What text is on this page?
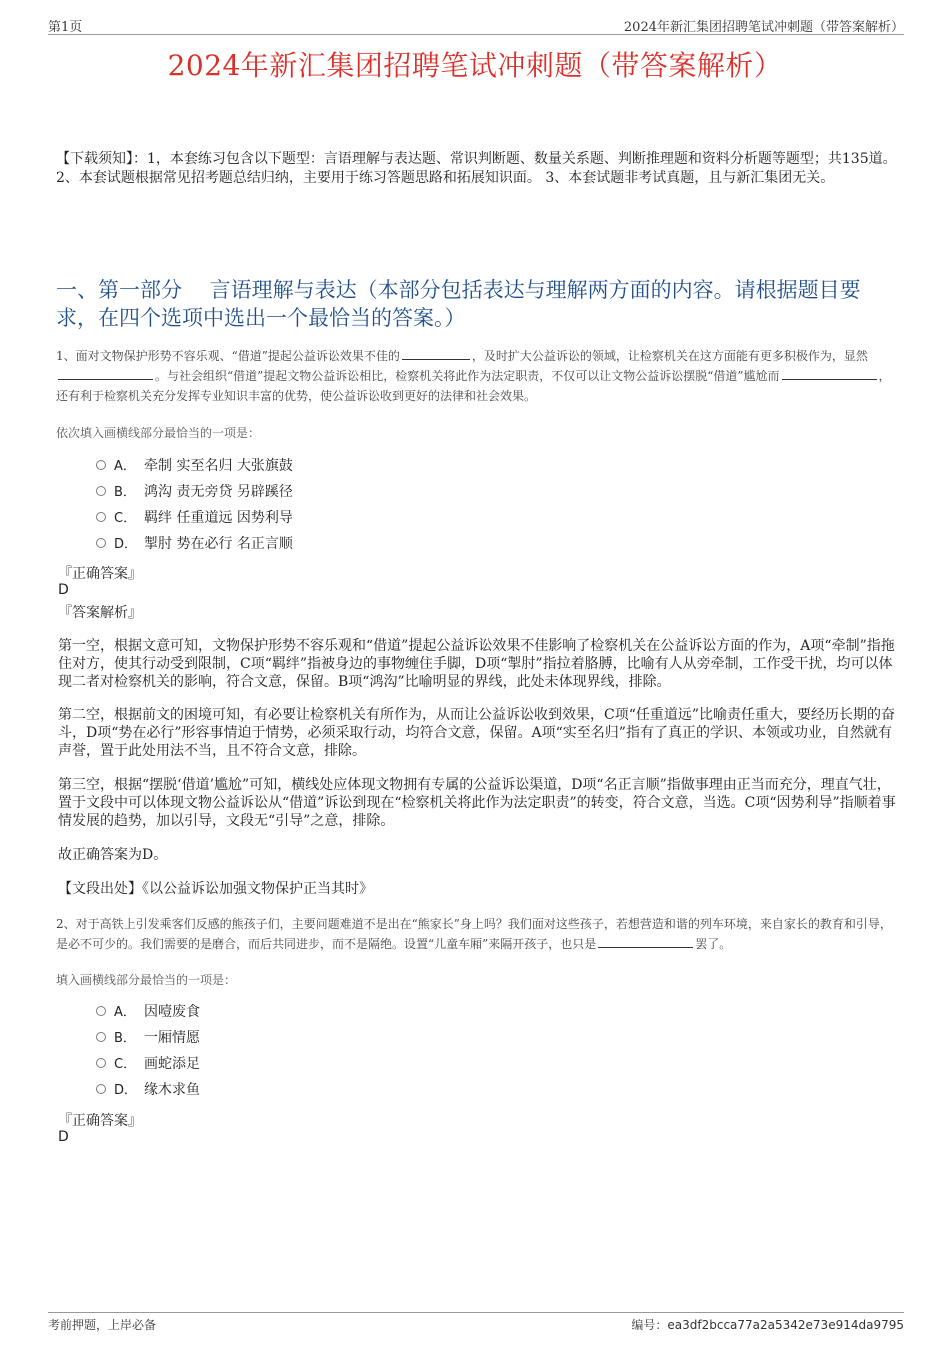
第1页	2024年新汇集团招聘笔试冲刺题（带答案解析）
2024年新汇集团招聘笔试冲刺题（带答案解析）
【下载须知】：1，本套练习包含以下题型：言语理解与表达题、常识判断题、数量关系题、判断推理题和资料分析题等题型；共135道。 2、本套试题根据常见招考题总结归纳，主要用于练习答题思路和拓展知识面。 3、本套试题非考试真题，且与新汇集团无关。
一、第一部分　 言语理解与表达（本部分包括表达与理解两方面的内容。请根据题目要求，在四个选项中选出一个最恰当的答案。）
1、面对文物保护形势不容乐观、“借道”提起公益诉讼效果不佳的	，及时扩大公益诉讼的领域，让检察机关在这方面能有更多积极作为，显然。与社会组织“借道”提起文物公益诉讼相比，检察机关将此作为法定职责，不仅可以让文物公益诉讼摆脱“借道”尴尬而	，还有利于检察机关充分发挥专业知识丰富的优势，使公益诉讼收到更好的法律和社会效果。
依次填入画横线部分最恰当的一项是：
A． 牵制 实至名归 大张旗鼓
B． 鸿沟 责无旁贷 另辟蹊径
C． 羁绊 任重道远 因势利导
D． 掣肘 势在必行 名正言顺
『正确答案』
D
『答案解析』
第一空，根据文意可知，文物保护形势不容乐观和“借道”提起公益诉讼效果不佳影响了检察机关在公益诉讼方面的作为，A项“牵制”指拖住对方，使其行动受到限制，C项“羁绊”指被身边的事物缠住手脚，D项“掣肘”指拉着胳膊，比喻有人从旁牵制，工作受干扰，均可以体现二者对检察机关的影响，符合文意，保留。B项“鸿沟”比喻明显的界线，此处未体现界线，排除。
第二空，根据前文的困境可知，有必要让检察机关有所作为，从而让公益诉讼收到效果，C项“任重道远”比喻责任重大，要经历长期的奋斗，D项“势在必行”形容事情迫于情势，必须采取行动，均符合文意，保留。A项“实至名归”指有了真正的学识、本领或功业，自然就有声誉，置于此处用法不当，且不符合文意，排除。
第三空，根据“摆脱‘借道’尴尬”可知，横线处应体现文物拥有专属的公益诉讼渠道，D项“名正言顺”指做事理由正当而充分，理直气壮，置于文段中可以体现文物公益诉讼从“借道”诉讼到现在“检察机关将此作为法定职责”的转变，符合文意，当选。C项“因势利导”指顺着事情发展的趋势，加以引导，文段无“引导”之意，排除。
故正确答案为D。
【文段出处】《以公益诉讼加强文物保护正当其时》
2、对于高铁上引发乘客们反感的熊孩子们，主要问题难道不是出在“熊家长”身上吗？我们面对这些孩子，若想营造和谐的列车环境，来自家长的教育和引导，是必不可少的。我们需要的是磨合，而后共同进步，而不是隔绝。设置“儿童车厢”来隔开孩子，也只是	罢了。
填入画横线部分最恰当的一项是：
A． 因噎废食
B． 一厢情愿
C． 画蛇添足
D． 缘木求鱼
『正确答案』
D
考前押题，上岸必备	编号：ea3df2bcca77a2a5342e73e914da9795
